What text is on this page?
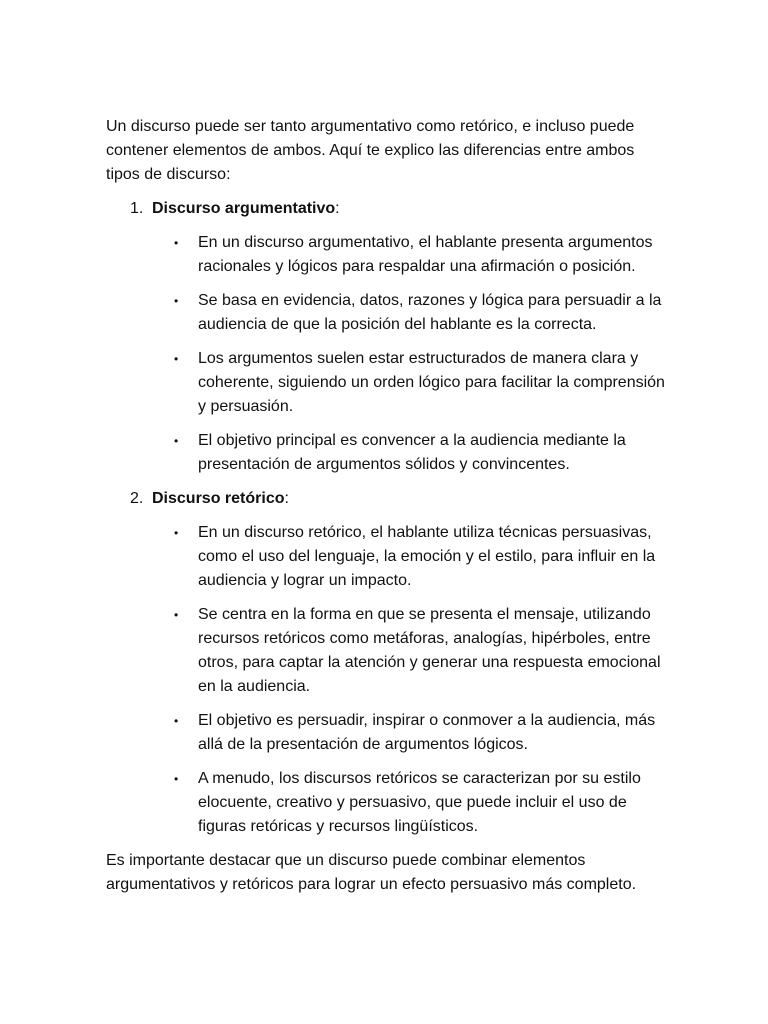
Un discurso puede ser tanto argumentativo como retórico, e incluso puede contener elementos de ambos. Aquí te explico las diferencias entre ambos tipos de discurso:

1. Discurso argumentativo:
• En un discurso argumentativo, el hablante presenta argumentos racionales y lógicos para respaldar una afirmación o posición.
• Se basa en evidencia, datos, razones y lógica para persuadir a la audiencia de que la posición del hablante es la correcta.
• Los argumentos suelen estar estructurados de manera clara y coherente, siguiendo un orden lógico para facilitar la comprensión y persuasión.
• El objetivo principal es convencer a la audiencia mediante la presentación de argumentos sólidos y convincentes.
2. Discurso retórico:
• En un discurso retórico, el hablante utiliza técnicas persuasivas, como el uso del lenguaje, la emoción y el estilo, para influir en la audiencia y lograr un impacto.
• Se centra en la forma en que se presenta el mensaje, utilizando recursos retóricos como metáforas, analogías, hipérboles, entre otros, para captar la atención y generar una respuesta emocional en la audiencia.
• El objetivo es persuadir, inspirar o conmover a la audiencia, más allá de la presentación de argumentos lógicos.
• A menudo, los discursos retóricos se caracterizan por su estilo elocuente, creativo y persuasivo, que puede incluir el uso de figuras retóricas y recursos lingüísticos.

Es importante destacar que un discurso puede combinar elementos argumentativos y retóricos para lograr un efecto persuasivo más completo.
